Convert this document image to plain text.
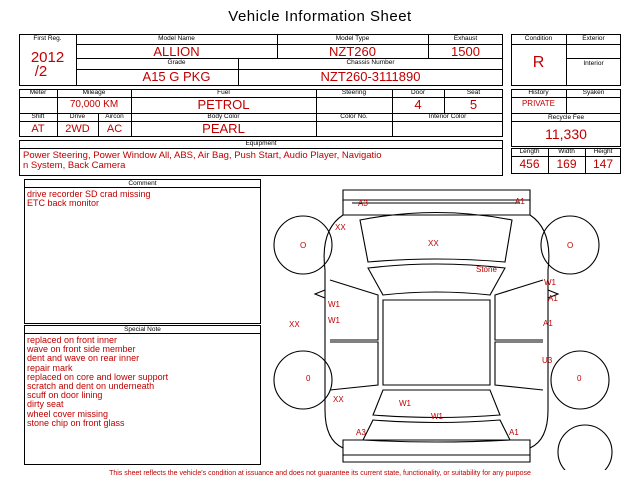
Vehicle Information Sheet
First Reg.
2012
/2
Model Name
ALLION
Model Type
NZT260
Exhaust
1500
Grade
A15 G PKG
Chassis Number
NZT260-3111890
Condition
R
Exterior
Interior
Meter	Mileage
70,000 KM
Fuel
PETROL
Steering	Door
4
Seat
5
Shift
AT
Drive
2WD
Aircon
AC
Body Color
PEARL
Color No.	Interior Color
History
PRIVATE
Syaken
Recycle Fee
11,330
Equipment
Power Steering, Power Window All, ABS, Air Bag, Push Start, Audio Player, Navigatio
n System, Back Camera
Length
456
Width
169
Height
147
Comment
drive recorder SD crad missing
ETC back monitor
Special Note
replaced on front inner
wave on front side member
dent and wave on rear inner
repair mark
replaced on core and lower support
scratch and dent on underneath
scuff on door lining
dirty seat
wheel cover missing
stone chip on front glass
A3	A1
XX
O	XX	O
Stone
W1
A1
W1
W1
XX	A1
U3
0	0
XX	W1
W1
A3	A1
This sheet reflects the vehicle's condition at issuance and does not guarantee its current state, functionality, or suitability for any purpose
